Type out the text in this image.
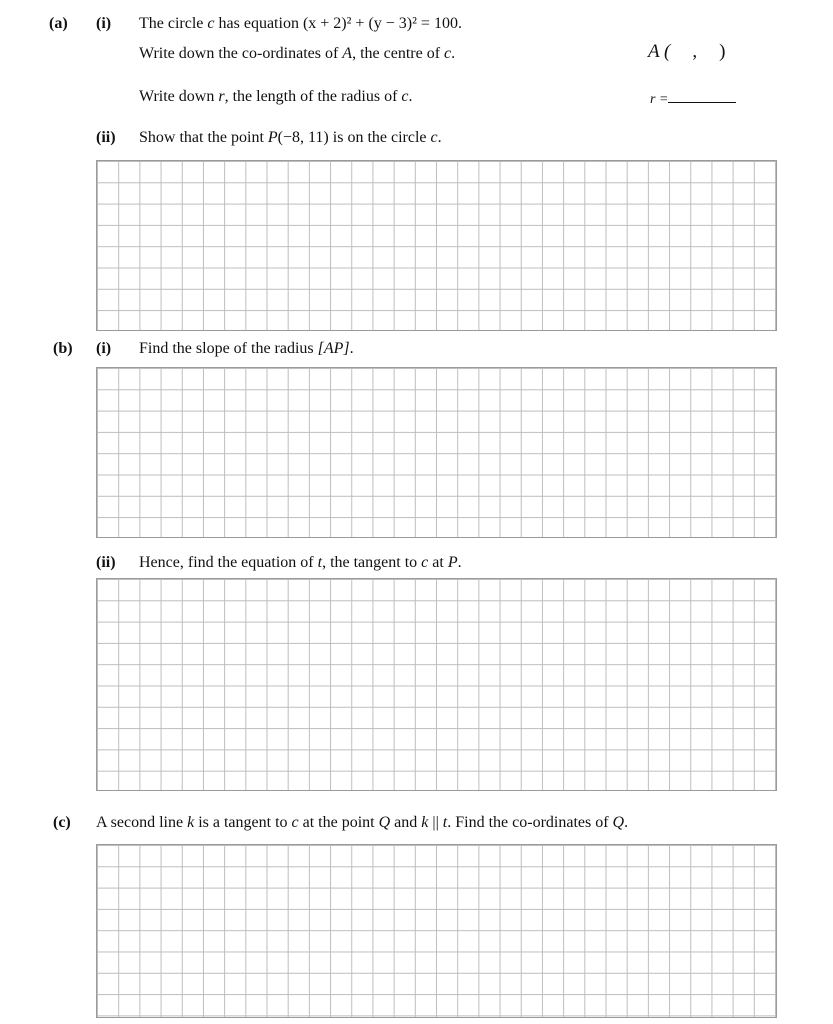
(a) (i) The circle c has equation (x + 2)² + (y − 3)² = 100.
Write down the co-ordinates of A, the centre of c.	A ( , )
Write down r, the length of the radius of c.	r =
(ii) Show that the point P(−8, 11) is on the circle c.
(b) (i) Find the slope of the radius [AP].
(ii) Hence, find the equation of t, the tangent to c at P.
(c) A second line k is a tangent to c at the point Q and k || t. Find the co-ordinates of Q.
